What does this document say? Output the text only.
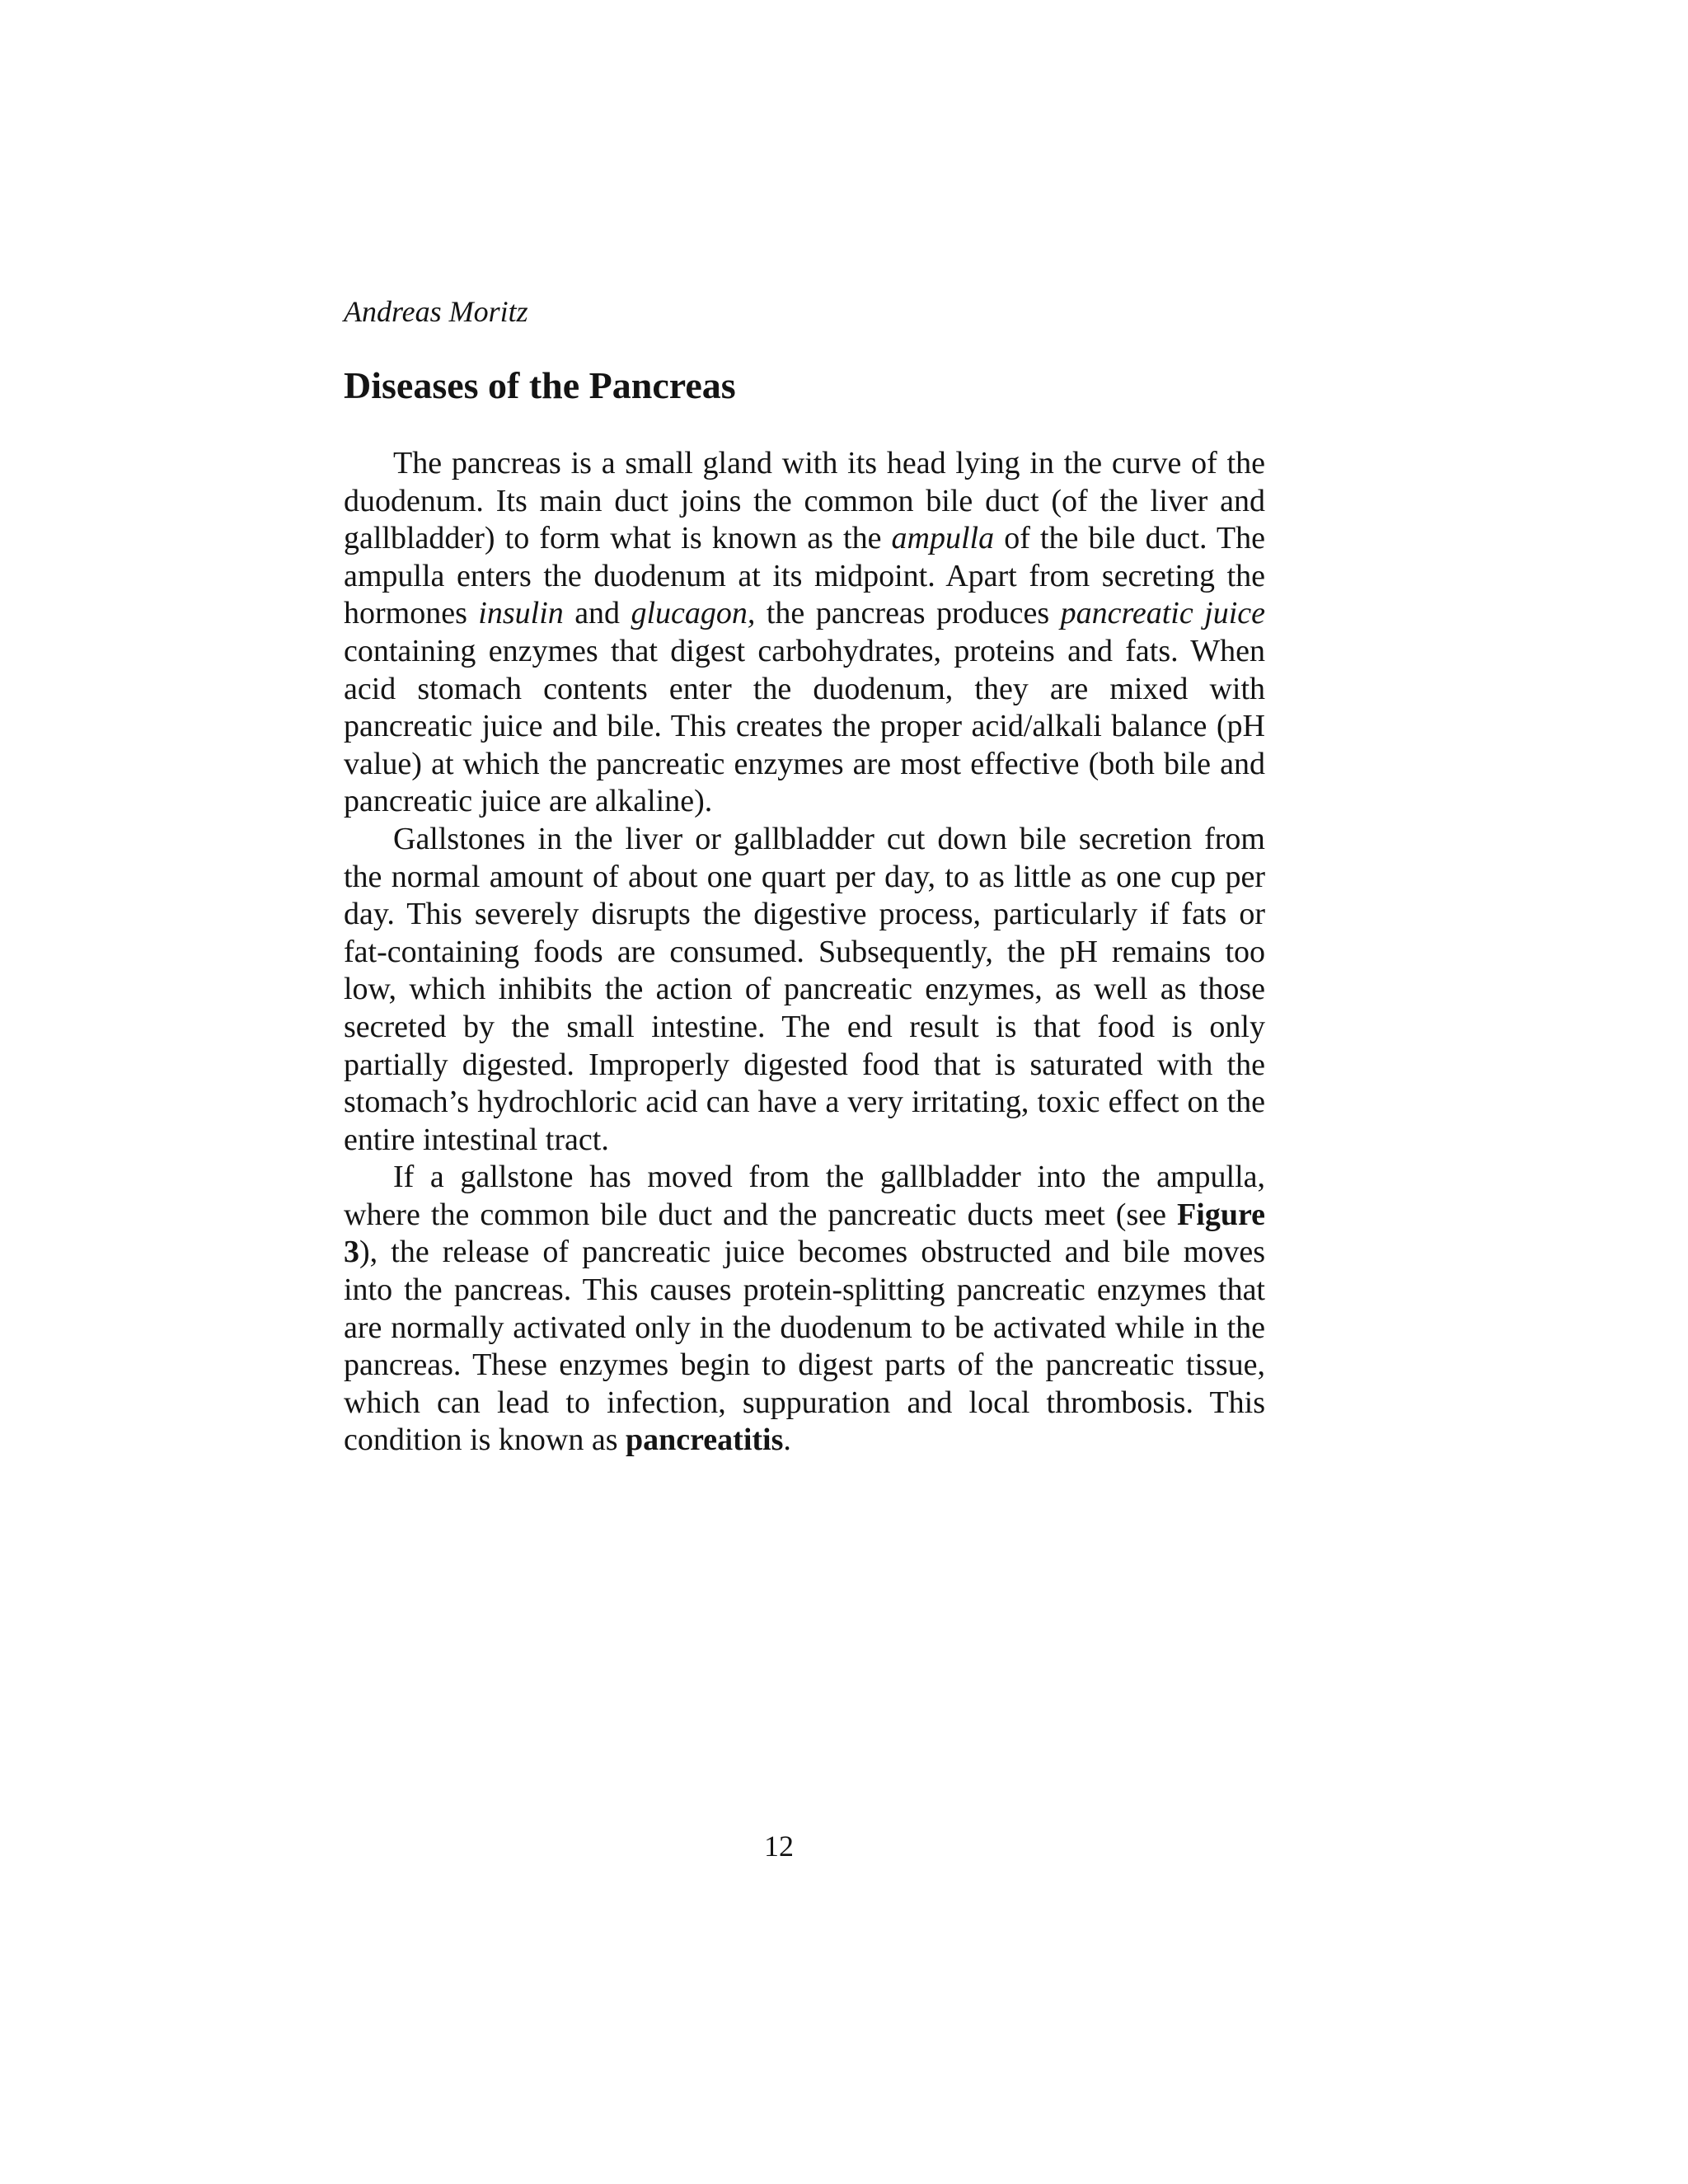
Andreas Moritz

Diseases of the Pancreas

The pancreas is a small gland with its head lying in the curve of the duodenum. Its main duct joins the common bile duct (of the liver and gallbladder) to form what is known as the ampulla of the bile duct. The ampulla enters the duodenum at its midpoint. Apart from secreting the hormones insulin and glucagon, the pancreas produces pancreatic juice containing enzymes that digest carbohydrates, proteins and fats. When acid stomach contents enter the duodenum, they are mixed with pancreatic juice and bile. This creates the proper acid/alkali balance (pH value) at which the pancreatic enzymes are most effective (both bile and pancreatic juice are alkaline).

Gallstones in the liver or gallbladder cut down bile secretion from the normal amount of about one quart per day, to as little as one cup per day. This severely disrupts the digestive process, particularly if fats or fat-containing foods are consumed. Subsequently, the pH remains too low, which inhibits the action of pancreatic enzymes, as well as those secreted by the small intestine. The end result is that food is only partially digested. Improperly digested food that is saturated with the stomach’s hydrochloric acid can have a very irritating, toxic effect on the entire intestinal tract.

If a gallstone has moved from the gallbladder into the ampulla, where the common bile duct and the pancreatic ducts meet (see Figure 3), the release of pancreatic juice becomes obstructed and bile moves into the pancreas. This causes protein-splitting pancreatic enzymes that are normally activated only in the duodenum to be activated while in the pancreas. These enzymes begin to digest parts of the pancreatic tissue, which can lead to infection, suppuration and local thrombosis. This condition is known as pancreatitis.

12
